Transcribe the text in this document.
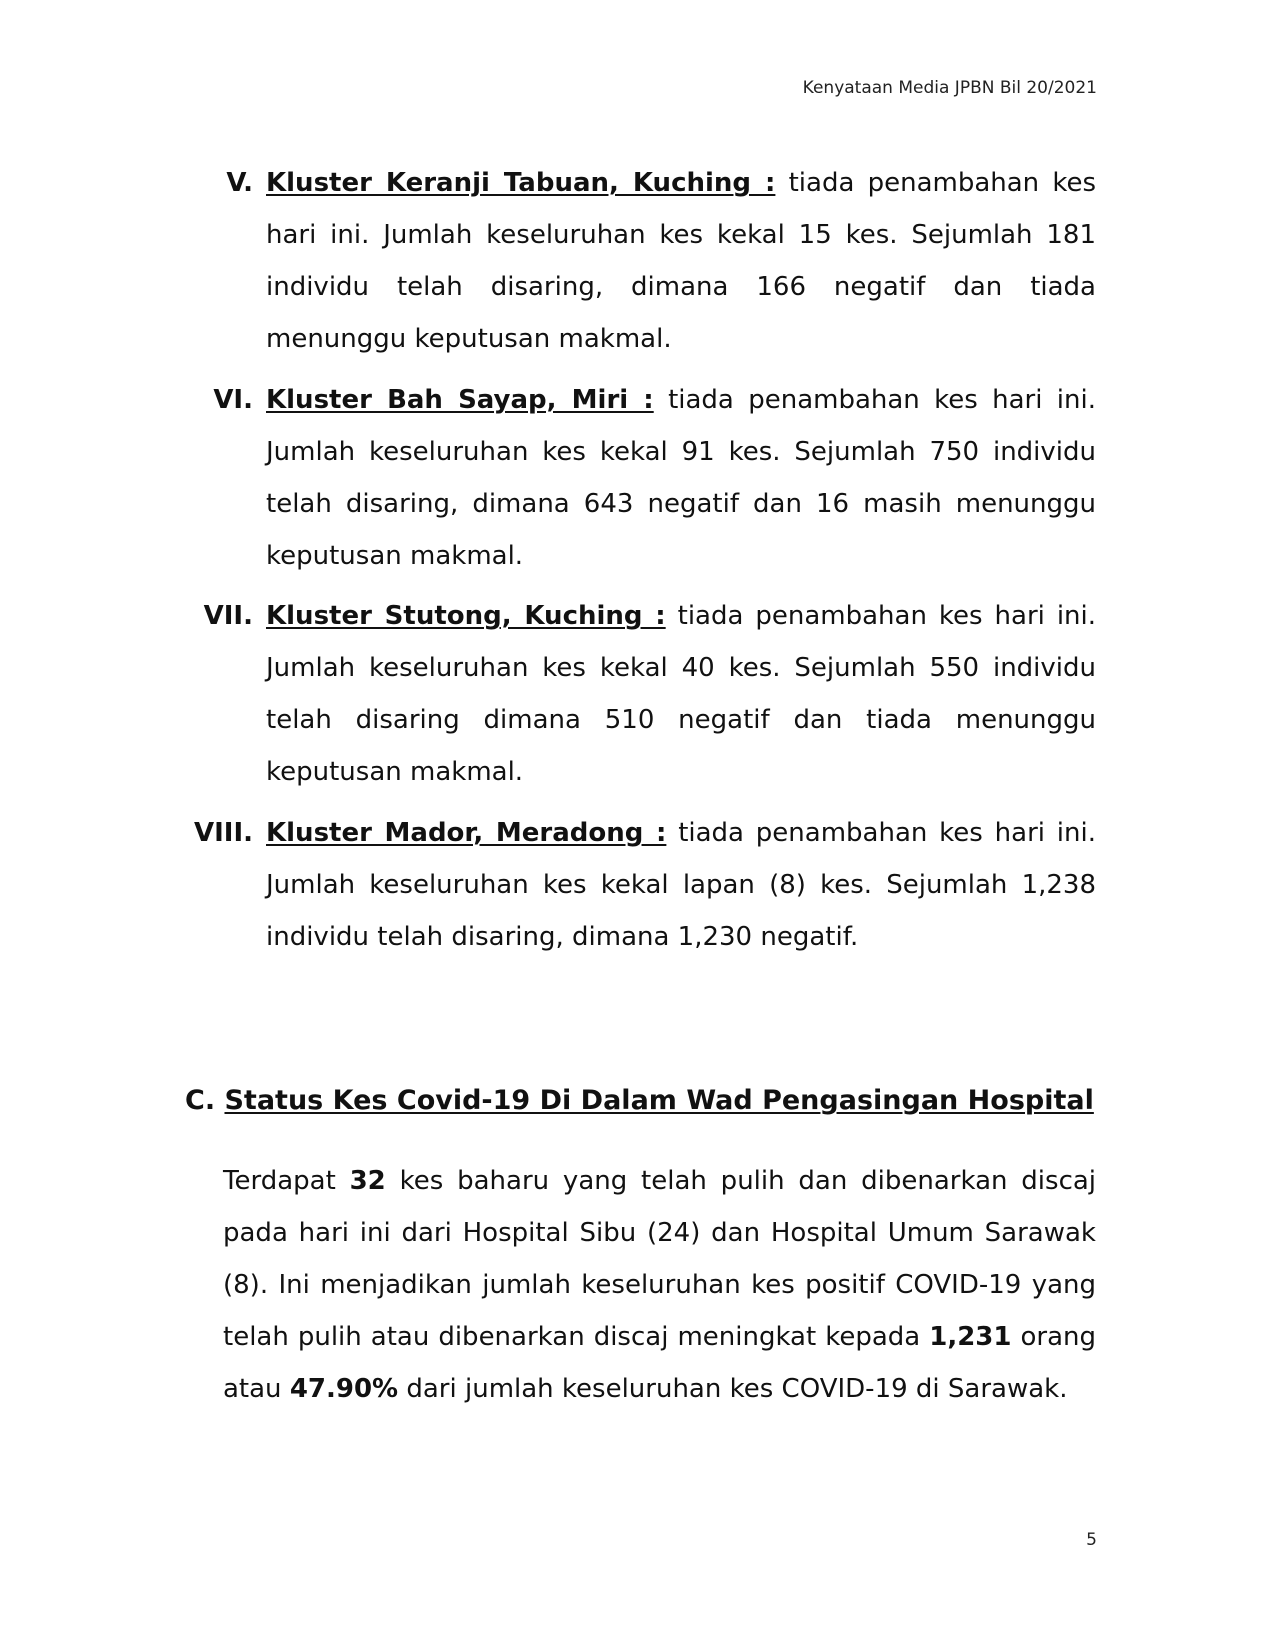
Kenyataan Media JPBN Bil 20/2021
V. Kluster Keranji Tabuan, Kuching : tiada penambahan kes hari ini. Jumlah keseluruhan kes kekal 15 kes. Sejumlah 181 individu telah disaring, dimana 166 negatif dan tiada menunggu keputusan makmal.
VI. Kluster Bah Sayap, Miri : tiada penambahan kes hari ini. Jumlah keseluruhan kes kekal 91 kes. Sejumlah 750 individu telah disaring, dimana 643 negatif dan 16 masih menunggu keputusan makmal.
VII. Kluster Stutong, Kuching : tiada penambahan kes hari ini. Jumlah keseluruhan kes kekal 40 kes. Sejumlah 550 individu telah disaring dimana 510 negatif dan tiada menunggu keputusan makmal.
VIII. Kluster Mador, Meradong : tiada penambahan kes hari ini. Jumlah keseluruhan kes kekal lapan (8) kes. Sejumlah 1,238 individu telah disaring, dimana 1,230 negatif.
C. Status Kes Covid-19 Di Dalam Wad Pengasingan Hospital
Terdapat 32 kes baharu yang telah pulih dan dibenarkan discaj pada hari ini dari Hospital Sibu (24) dan Hospital Umum Sarawak (8). Ini menjadikan jumlah keseluruhan kes positif COVID-19 yang telah pulih atau dibenarkan discaj meningkat kepada 1,231 orang atau 47.90% dari jumlah keseluruhan kes COVID-19 di Sarawak.
5
